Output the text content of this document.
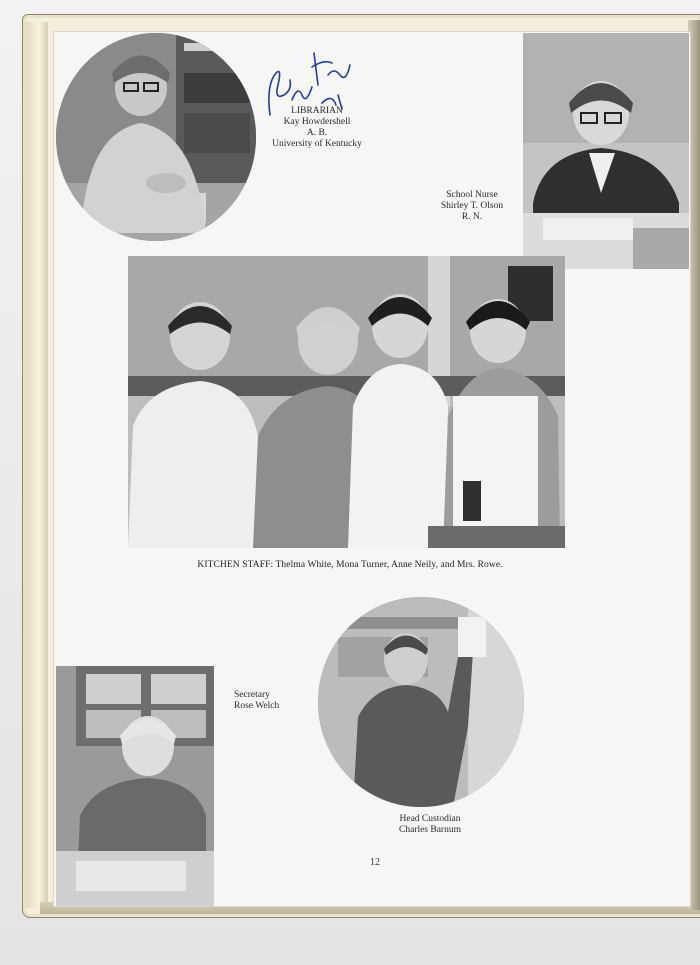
LIBRARIAN
Kay Howdershell
A. B.
University of Kentucky
School Nurse
Shirley T. Olson
R. N.
KITCHEN STAFF: Thelma White, Mona Turner, Anne Neily, and Mrs. Rowe.
Secretary
Rose Welch
Head Custodian
Charles Barnum
12
